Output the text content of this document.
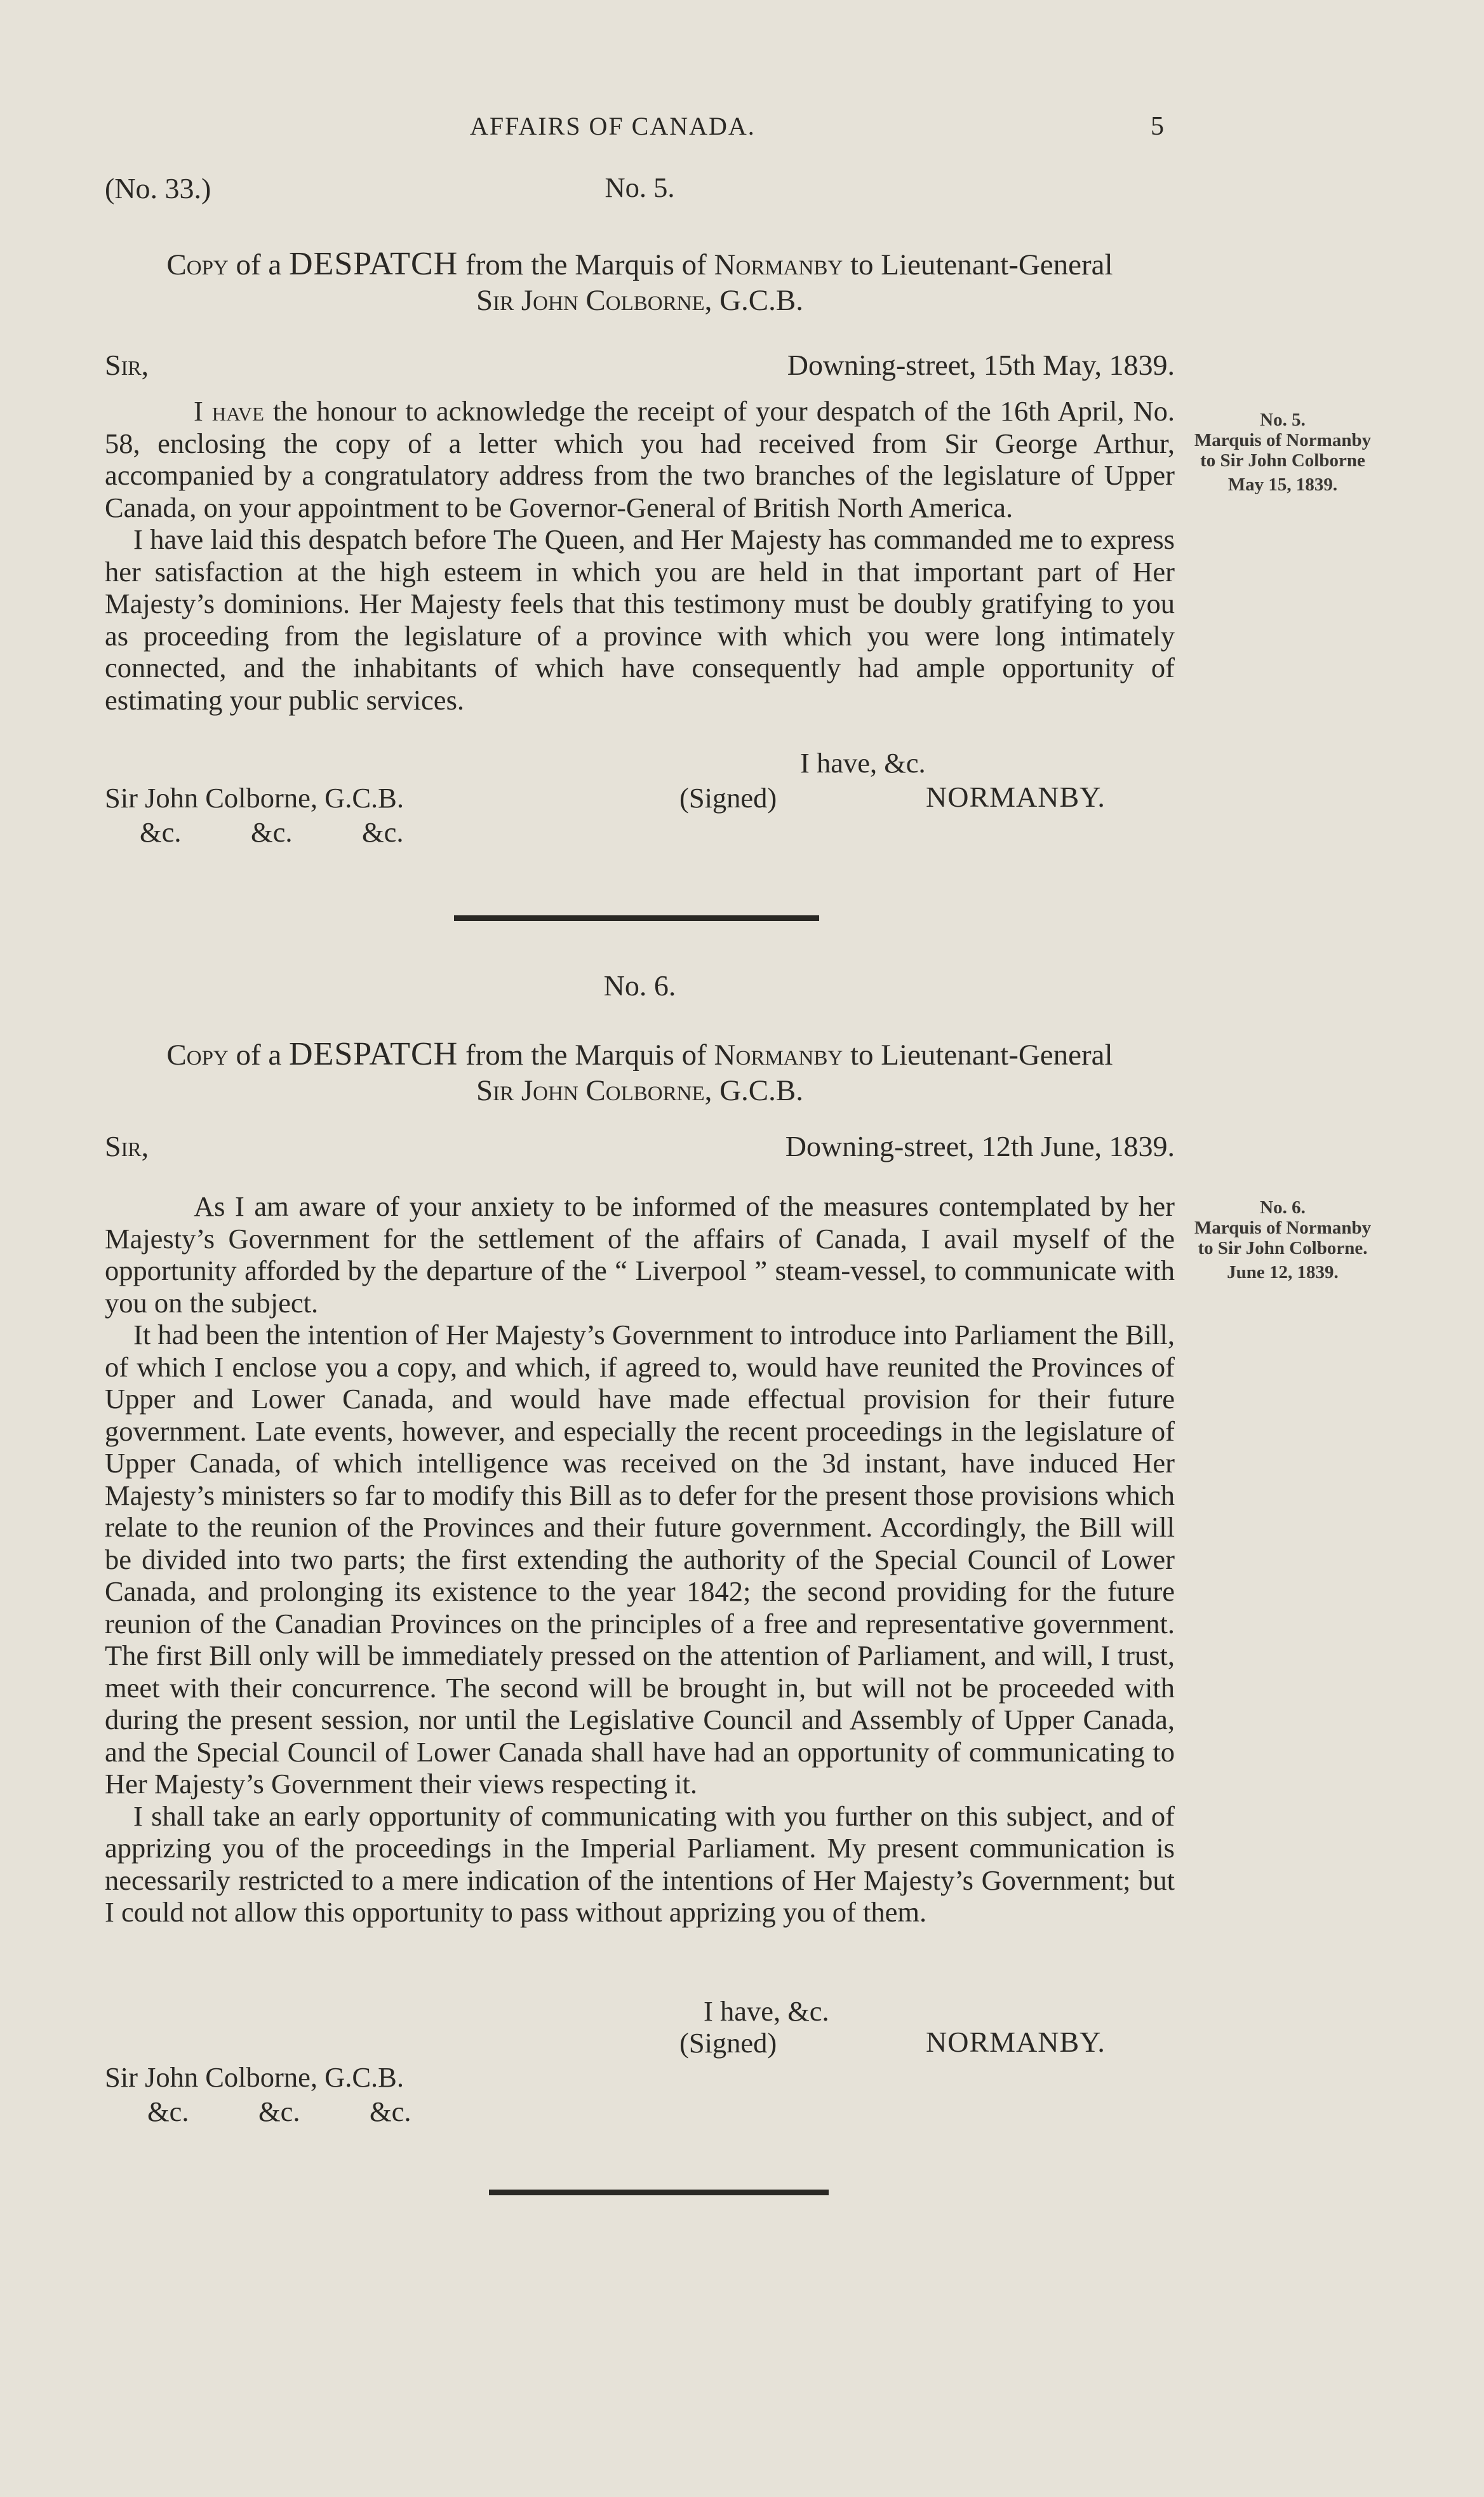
AFFAIRS OF CANADA.	5
(No. 33.)	No. 5.
Copy of a DESPATCH from the Marquis of Normanby to Lieutenant-General
Sir John Colborne, G.C.B.
Sir,	Downing-street, 15th May, 1839.

I have the honour to acknowledge the receipt of your despatch of the 16th April, No. 58, enclosing the copy of a letter which you had received from Sir George Arthur, accompanied by a congratulatory address from the two branches of the legislature of Upper Canada, on your appointment to be Governor-General of British North America.

I have laid this despatch before The Queen, and Her Majesty has commanded me to express her satisfaction at the high esteem in which you are held in that important part of Her Majesty’s dominions. Her Majesty feels that this testimony must be doubly gratifying to you as proceeding from the legislature of a province with which you were long intimately connected, and the inhabitants of which have consequently had ample opportunity of estimating your public services.

I have, &c.
Sir John Colborne, G.C.B.	(Signed)	NORMANBY.
&c. &c. &c.
No. 5.
Marquis of Normanby
to Sir John Colborne
May 15, 1839.
No. 6.
Copy of a DESPATCH from the Marquis of Normanby to Lieutenant-General
Sir John Colborne, G.C.B.
Sir,	Downing-street, 12th June, 1839.

As I am aware of your anxiety to be informed of the measures contemplated by her Majesty’s Government for the settlement of the affairs of Canada, I avail myself of the opportunity afforded by the departure of the “ Liverpool ” steam-vessel, to communicate with you on the subject.

It had been the intention of Her Majesty’s Government to introduce into Parliament the Bill, of which I enclose you a copy, and which, if agreed to, would have reunited the Provinces of Upper and Lower Canada, and would have made effectual provision for their future government. Late events, however, and especially the recent proceedings in the legislature of Upper Canada, of which intelligence was received on the 3d instant, have induced Her Majesty’s ministers so far to modify this Bill as to defer for the present those provisions which relate to the reunion of the Provinces and their future government. Accordingly, the Bill will be divided into two parts; the first extending the authority of the Special Council of Lower Canada, and prolonging its existence to the year 1842; the second providing for the future reunion of the Canadian Provinces on the principles of a free and representative government. The first Bill only will be immediately pressed on the attention of Parliament, and will, I trust, meet with their concurrence. The second will be brought in, but will not be proceeded with during the present session, nor until the Legislative Council and Assembly of Upper Canada, and the Special Council of Lower Canada shall have had an opportunity of communicating to Her Majesty’s Government their views respecting it.

I shall take an early opportunity of communicating with you further on this subject, and of apprizing you of the proceedings in the Imperial Parliament. My present communication is necessarily restricted to a mere indication of the intentions of Her Majesty’s Government; but I could not allow this opportunity to pass without apprizing you of them.

I have, &c.
(Signed)	NORMANBY.
Sir John Colborne, G.C.B.
&c. &c. &c.
No. 6.
Marquis of Normanby
to Sir John Colborne.
June 12, 1839.
